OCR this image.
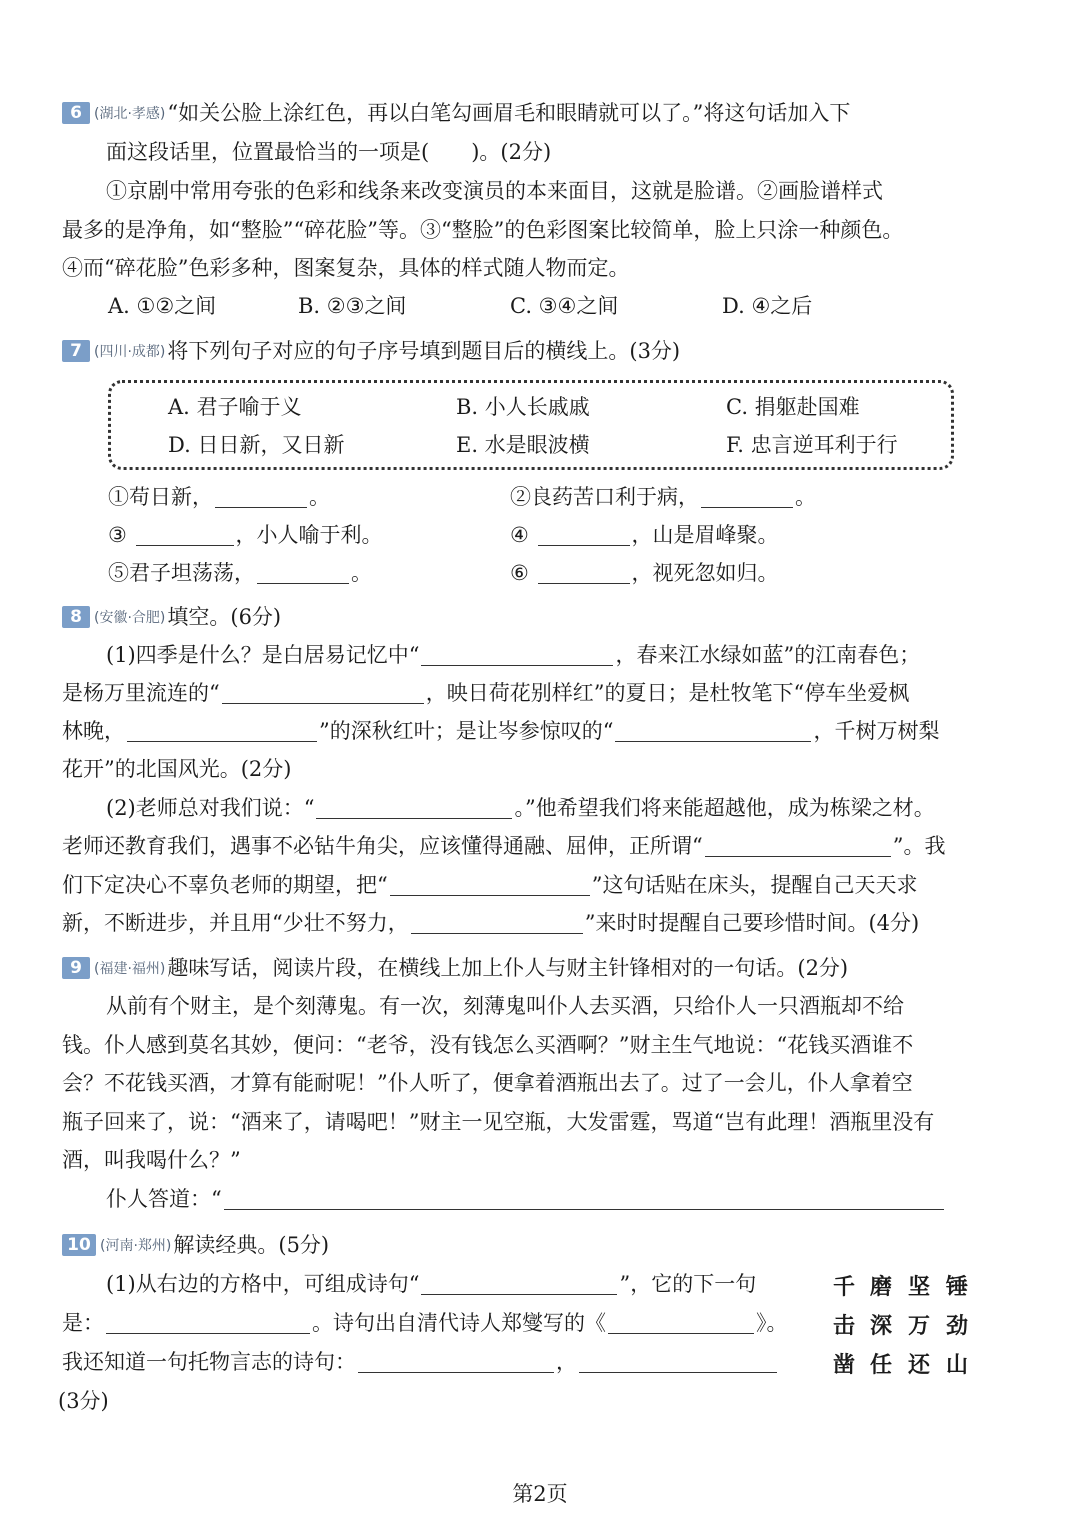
6 (湖北·孝感)“如关公脸上涂红色，再以白笔勾画眉毛和眼睛就可以了。”将这句话加入下
面这段话里，位置最恰当的一项是(　　)。(2分)
①京剧中常用夸张的色彩和线条来改变演员的本来面目，这就是脸谱。②画脸谱样式
最多的是净角，如“整脸”“碎花脸”等。③“整脸”的色彩图案比较简单，脸上只涂一种颜色。
④而“碎花脸”色彩多种，图案复杂，具体的样式随人物而定。
A. ①②之间	B. ②③之间	C. ③④之间	D. ④之后
7 (四川·成都)将下列句子对应的句子序号填到题目后的横线上。(3分)
A. 君子喻于义	B. 小人长戚戚	C. 捐躯赴国难
D. 日日新，又日新	E. 水是眼波横	F. 忠言逆耳利于行
①苟日新，	。	②良药苦口利于病，	。
③	，小人喻于利。	④	，山是眉峰聚。
⑤君子坦荡荡，	。	⑥	，视死忽如归。
8 (安徽·合肥)填空。(6分)
(1)四季是什么？是白居易记忆中“	，春来江水绿如蓝”的江南春色；
是杨万里流连的“	，映日荷花别样红”的夏日；是杜牧笔下“停车坐爱枫
林晚，	”的深秋红叶；是让岑参惊叹的“	，千树万树梨
花开”的北国风光。(2分)
(2)老师总对我们说：“	。”他希望我们将来能超越他，成为栋梁之材。
老师还教育我们，遇事不必钻牛角尖，应该懂得通融、屈伸，正所谓“	”。我
们下定决心不辜负老师的期望，把“	”这句话贴在床头，提醒自己天天求
新，不断进步，并且用“少壮不努力，	”来时时提醒自己要珍惜时间。(4分)
9 (福建·福州)趣味写话，阅读片段，在横线上加上仆人与财主针锋相对的一句话。(2分)
从前有个财主，是个刻薄鬼。有一次，刻薄鬼叫仆人去买酒，只给仆人一只酒瓶却不给
钱。仆人感到莫名其妙，便问：“老爷，没有钱怎么买酒啊？”财主生气地说：“花钱买酒谁不
会？不花钱买酒，才算有能耐呢！”仆人听了，便拿着酒瓶出去了。过了一会儿，仆人拿着空
瓶子回来了，说：“酒来了，请喝吧！”财主一见空瓶，大发雷霆，骂道“岂有此理！酒瓶里没有
酒，叫我喝什么？”
仆人答道：“
10 (河南·郑州)解读经典。(5分)
(1)从右边的方格中，可组成诗句“	”，它的下一句
是：	。诗句出自清代诗人郑燮写的《	》。
我还知道一句托物言志的诗句：	，
(3分)
千 磨 坚 锤
击 深 万 劲
凿 任 还 山
第2页
